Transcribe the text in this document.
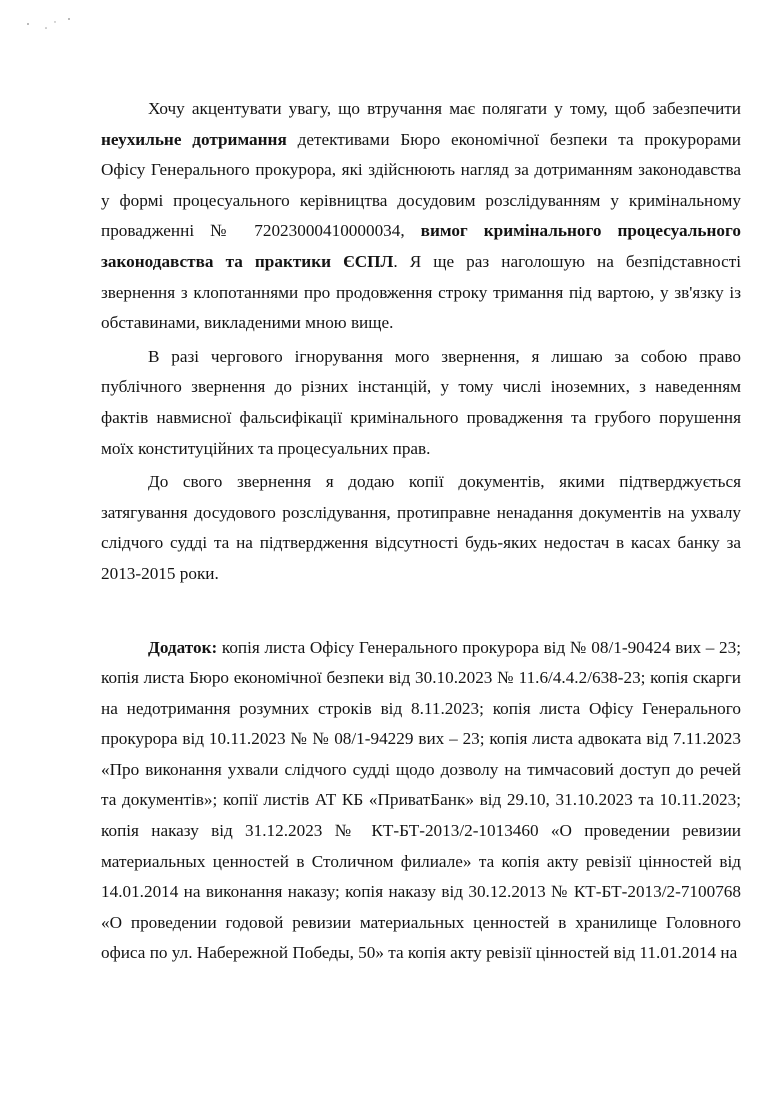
Хочу акцентувати увагу, що втручання має полягати у тому, щоб забезпечити неухильне дотримання детективами Бюро економічної безпеки та прокурорами Офісу Генерального прокурора, які здійснюють нагляд за дотриманням законодавства у формі процесуального керівництва досудовим розслідуванням у кримінальному провадженні № 72023000410000034, вимог кримінального процесуального законодавства та практики ЄСПЛ. Я ще раз наголошую на безпідставності звернення з клопотаннями про продовження строку тримання під вартою, у зв'язку із обставинами, викладеними мною вище.

В разі чергового ігнорування мого звернення, я лишаю за собою право публічного звернення до різних інстанцій, у тому числі іноземних, з наведенням фактів навмисної фальсифікації кримінального провадження та грубого порушення моїх конституційних та процесуальних прав.

До свого звернення я додаю копії документів, якими підтверджується затягування досудового розслідування, протиправне ненадання документів на ухвалу слідчого судді та на підтвердження відсутності будь-яких недостач в касах банку за 2013-2015 роки.

Додаток: копія листа Офісу Генерального прокурора від № 08/1-90424 вих – 23; копія листа Бюро економічної безпеки від 30.10.2023 № 11.6/4.4.2/638-23; копія скарги на недотримання розумних строків від 8.11.2023; копія листа Офісу Генерального прокурора від 10.11.2023 № № 08/1-94229 вих – 23; копія листа адвоката від 7.11.2023 «Про виконання ухвали слідчого судді щодо дозволу на тимчасовий доступ до речей та документів»; копії листів АТ КБ «ПриватБанк» від 29.10, 31.10.2023 та 10.11.2023; копія наказу від 31.12.2023 № КТ-БТ-2013/2-1013460 «О проведении ревизии материальных ценностей в Столичном филиале» та копія акту ревізії цінностей від 14.01.2014 на виконання наказу; копія наказу від 30.12.2013 № КТ-БТ-2013/2-7100768 «О проведении годовой ревизии материальных ценностей в хранилище Головного офиса по ул. Набережной Победы, 50» та копія акту ревізії цінностей від 11.01.2014 на
